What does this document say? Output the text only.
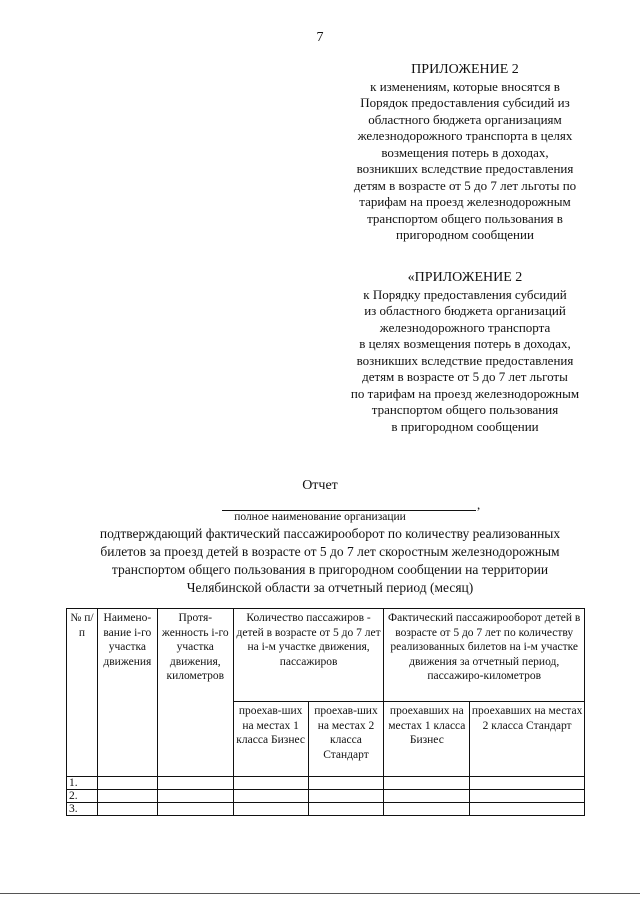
7
ПРИЛОЖЕНИЕ 2
к изменениям, которые вносятся в
Порядок предоставления субсидий из
областного бюджета организациям
железнодорожного транспорта в целях
возмещения потерь в доходах,
возникших вследствие предоставления
детям в возрасте от 5 до 7 лет льготы по
тарифам на проезд железнодорожным
транспортом общего пользования в
пригородном сообщении
«ПРИЛОЖЕНИЕ 2
к Порядку предоставления субсидий
из областного бюджета организаций
железнодорожного транспорта
в целях возмещения потерь в доходах,
возникших вследствие предоставления
детям в возрасте от 5 до 7 лет льготы
по тарифам на проезд железнодорожным
транспортом общего пользования
в пригородном сообщении
Отчет
,
полное наименование организации
подтверждающий фактический пассажирооборот по количеству реализованных
билетов за проезд детей в возрасте от 5 до 7 лет скоростным железнодорожным
транспортом общего пользования в пригородном сообщении на территории
Челябинской области за отчетный период (месяц)
№ п/п	Наимено-вание i-го участка движения	Протя-женность i-го участка движения, километров	Количество пассажиров - детей в возрасте от 5 до 7 лет на i-м участке движения, пассажиров		Фактический пассажирооборот детей в возрасте от 5 до 7 лет по количеству реализованных билетов на i-м участке движения за отчетный период, пассажиро-километров	
			проехав-ших на местах 1 класса Бизнес	проехав-ших на местах 2 класса Стандарт	проехавших на местах 1 класса Бизнес	проехавших на местах 2 класса Стандарт
1.						
2.						
3.						
